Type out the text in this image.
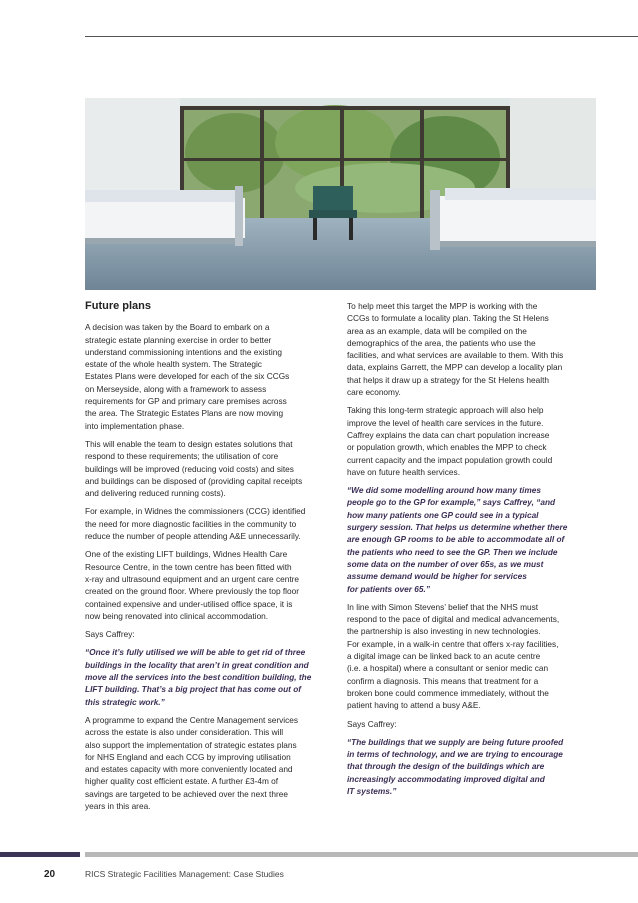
Future plans

A decision was taken by the Board to embark on a
strategic estate planning exercise in order to better
understand commissioning intentions and the existing
estate of the whole health system. The Strategic
Estates Plans were developed for each of the six CCGs
on Merseyside, along with a framework to assess
requirements for GP and primary care premises across
the area. The Strategic Estates Plans are now moving
into implementation phase.

This will enable the team to design estates solutions that
respond to these requirements; the utilisation of core
buildings will be improved (reducing void costs) and sites
and buildings can be disposed of (providing capital receipts
and delivering reduced running costs).

For example, in Widnes the commissioners (CCG) identified
the need for more diagnostic facilities in the community to
reduce the number of people attending A&E unnecessarily.

One of the existing LIFT buildings, Widnes Health Care
Resource Centre, in the town centre has been fitted with
x-ray and ultrasound equipment and an urgent care centre
created on the ground floor. Where previously the top floor
contained expensive and under-utilised office space, it is
now being renovated into clinical accommodation.

Says Caffrey:

“Once it’s fully utilised we will be able to get rid of three
buildings in the locality that aren’t in great condition and
move all the services into the best condition building, the
LIFT building. That’s a big project that has come out of
this strategic work.”

A programme to expand the Centre Management services
across the estate is also under consideration. This will
also support the implementation of strategic estates plans
for NHS England and each CCG by improving utilisation
and estates capacity with more conveniently located and
higher quality cost efficient estate. A further £3-4m of
savings are targeted to be achieved over the next three
years in this area.

To help meet this target the MPP is working with the
CCGs to formulate a locality plan. Taking the St Helens
area as an example, data will be compiled on the
demographics of the area, the patients who use the
facilities, and what services are available to them. With this
data, explains Garrett, the MPP can develop a locality plan
that helps it draw up a strategy for the St Helens health
care economy.

Taking this long-term strategic approach will also help
improve the level of health care services in the future.
Caffrey explains the data can chart population increase
or population growth, which enables the MPP to check
current capacity and the impact population growth could
have on future health services.

“We did some modelling around how many times
people go to the GP for example,” says Caffrey, “and
how many patients one GP could see in a typical
surgery session. That helps us determine whether there
are enough GP rooms to be able to accommodate all of
the patients who need to see the GP. Then we include
some data on the number of over 65s, as we must
assume demand would be higher for services
for patients over 65.”

In line with Simon Stevens’ belief that the NHS must
respond to the pace of digital and medical advancements,
the partnership is also investing in new technologies.
For example, in a walk-in centre that offers x-ray facilities,
a digital image can be linked back to an acute centre
(i.e. a hospital) where a consultant or senior medic can
confirm a diagnosis. This means that treatment for a
broken bone could commence immediately, without the
patient having to attend a busy A&E.

Says Caffrey:

“The buildings that we supply are being future proofed
in terms of technology, and we are trying to encourage
that through the design of the buildings which are
increasingly accommodating improved digital and
IT systems.”

20	RICS Strategic Facilities Management: Case Studies
